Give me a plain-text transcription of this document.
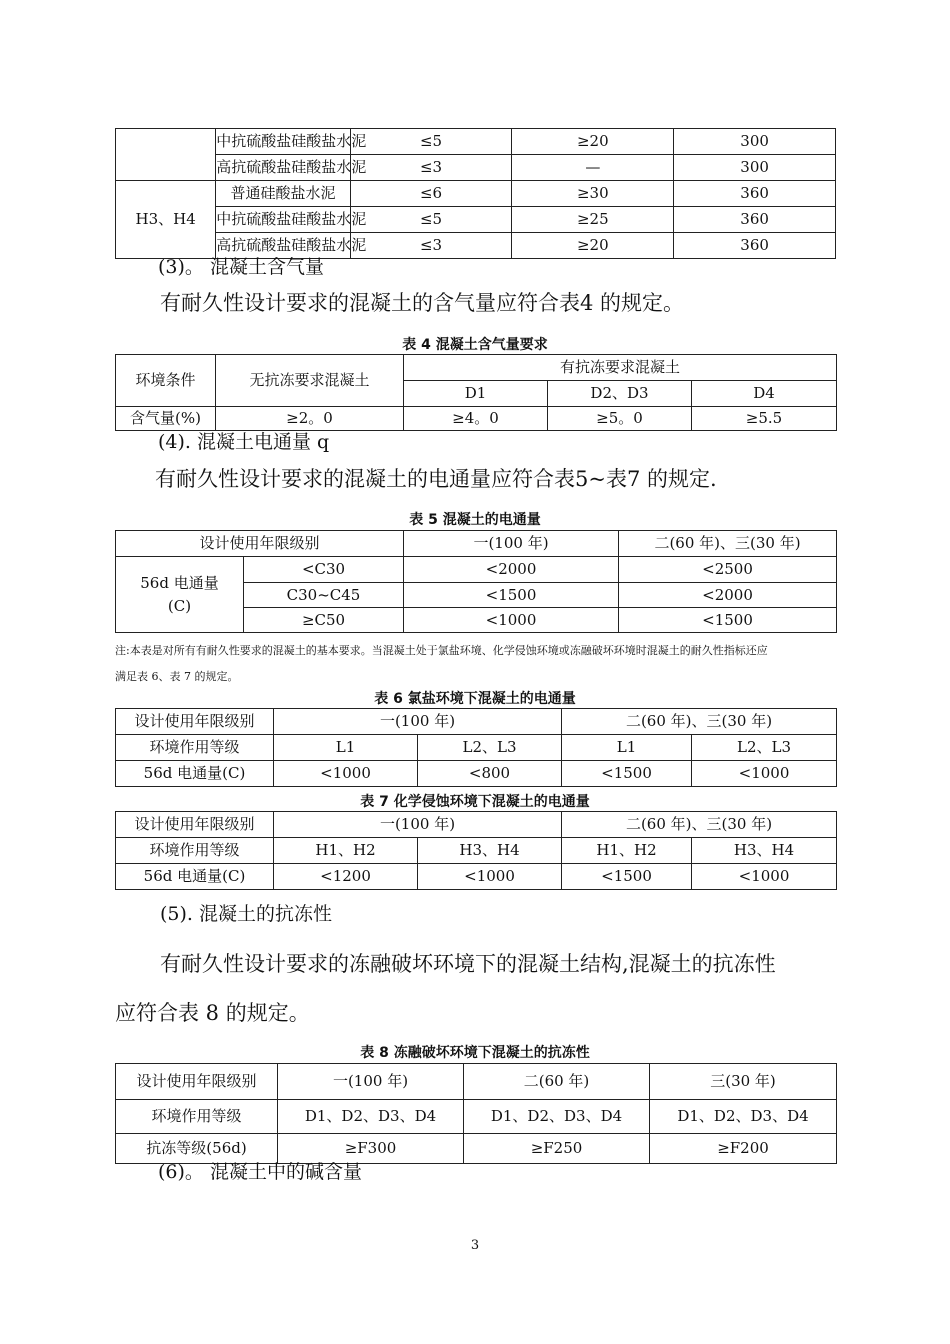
	中抗硫酸盐硅酸盐水泥	≤5	≥20	300
	高抗硫酸盐硅酸盐水泥	≤3	—	300
H3、H4	普通硅酸盐水泥	≤6	≥30	360
	中抗硫酸盐硅酸盐水泥	≤5	≥25	360
	高抗硫酸盐硅酸盐水泥	≤3	≥20	360
(3)。 混凝土含气量
有耐久性设计要求的混凝土的含气量应符合表4 的规定。
表 4 混凝土含气量要求
环境条件	无抗冻要求混凝土	有抗冻要求混凝土		
		D1	D2、D3	D4
含气量(%)	≥2。0	≥4。0	≥5。0	≥5.5
(4). 混凝土电通量 q
有耐久性设计要求的混凝土的电通量应符合表5~表7 的规定.
表 5 混凝土的电通量
设计使用年限级别		一(100 年)	二(60 年)、三(30 年)
56d 电通量
(C)	<C30	<2000	<2500
	C30~C45	<1500	<2000
	≥C50	<1000	<1500
注:本表是对所有有耐久性要求的混凝土的基本要求。当混凝土处于氯盐环境、化学侵蚀环境或冻融破坏环境时混凝土的耐久性指标还应
满足表 6、表 7 的规定。
表 6 氯盐环境下混凝土的电通量
设计使用年限级别	一(100 年)		二(60 年)、三(30 年)	
环境作用等级	L1	L2、L3	L1	L2、L3
56d 电通量(C)	<1000	<800	<1500	<1000
表 7 化学侵蚀环境下混凝土的电通量
设计使用年限级别	一(100 年)		二(60 年)、三(30 年)	
环境作用等级	H1、H2	H3、H4	H1、H2	H3、H4
56d 电通量(C)	<1200	<1000	<1500	<1000
(5). 混凝土的抗冻性
有耐久性设计要求的冻融破坏环境下的混凝土结构,混凝土的抗冻性
应符合表 8 的规定。
表 8 冻融破坏环境下混凝土的抗冻性
设计使用年限级别	一(100 年)	二(60 年)	三(30 年)
环境作用等级	D1、D2、D3、D4	D1、D2、D3、D4	D1、D2、D3、D4
抗冻等级(56d)	≥F300	≥F250	≥F200
(6)。 混凝土中的碱含量
3
